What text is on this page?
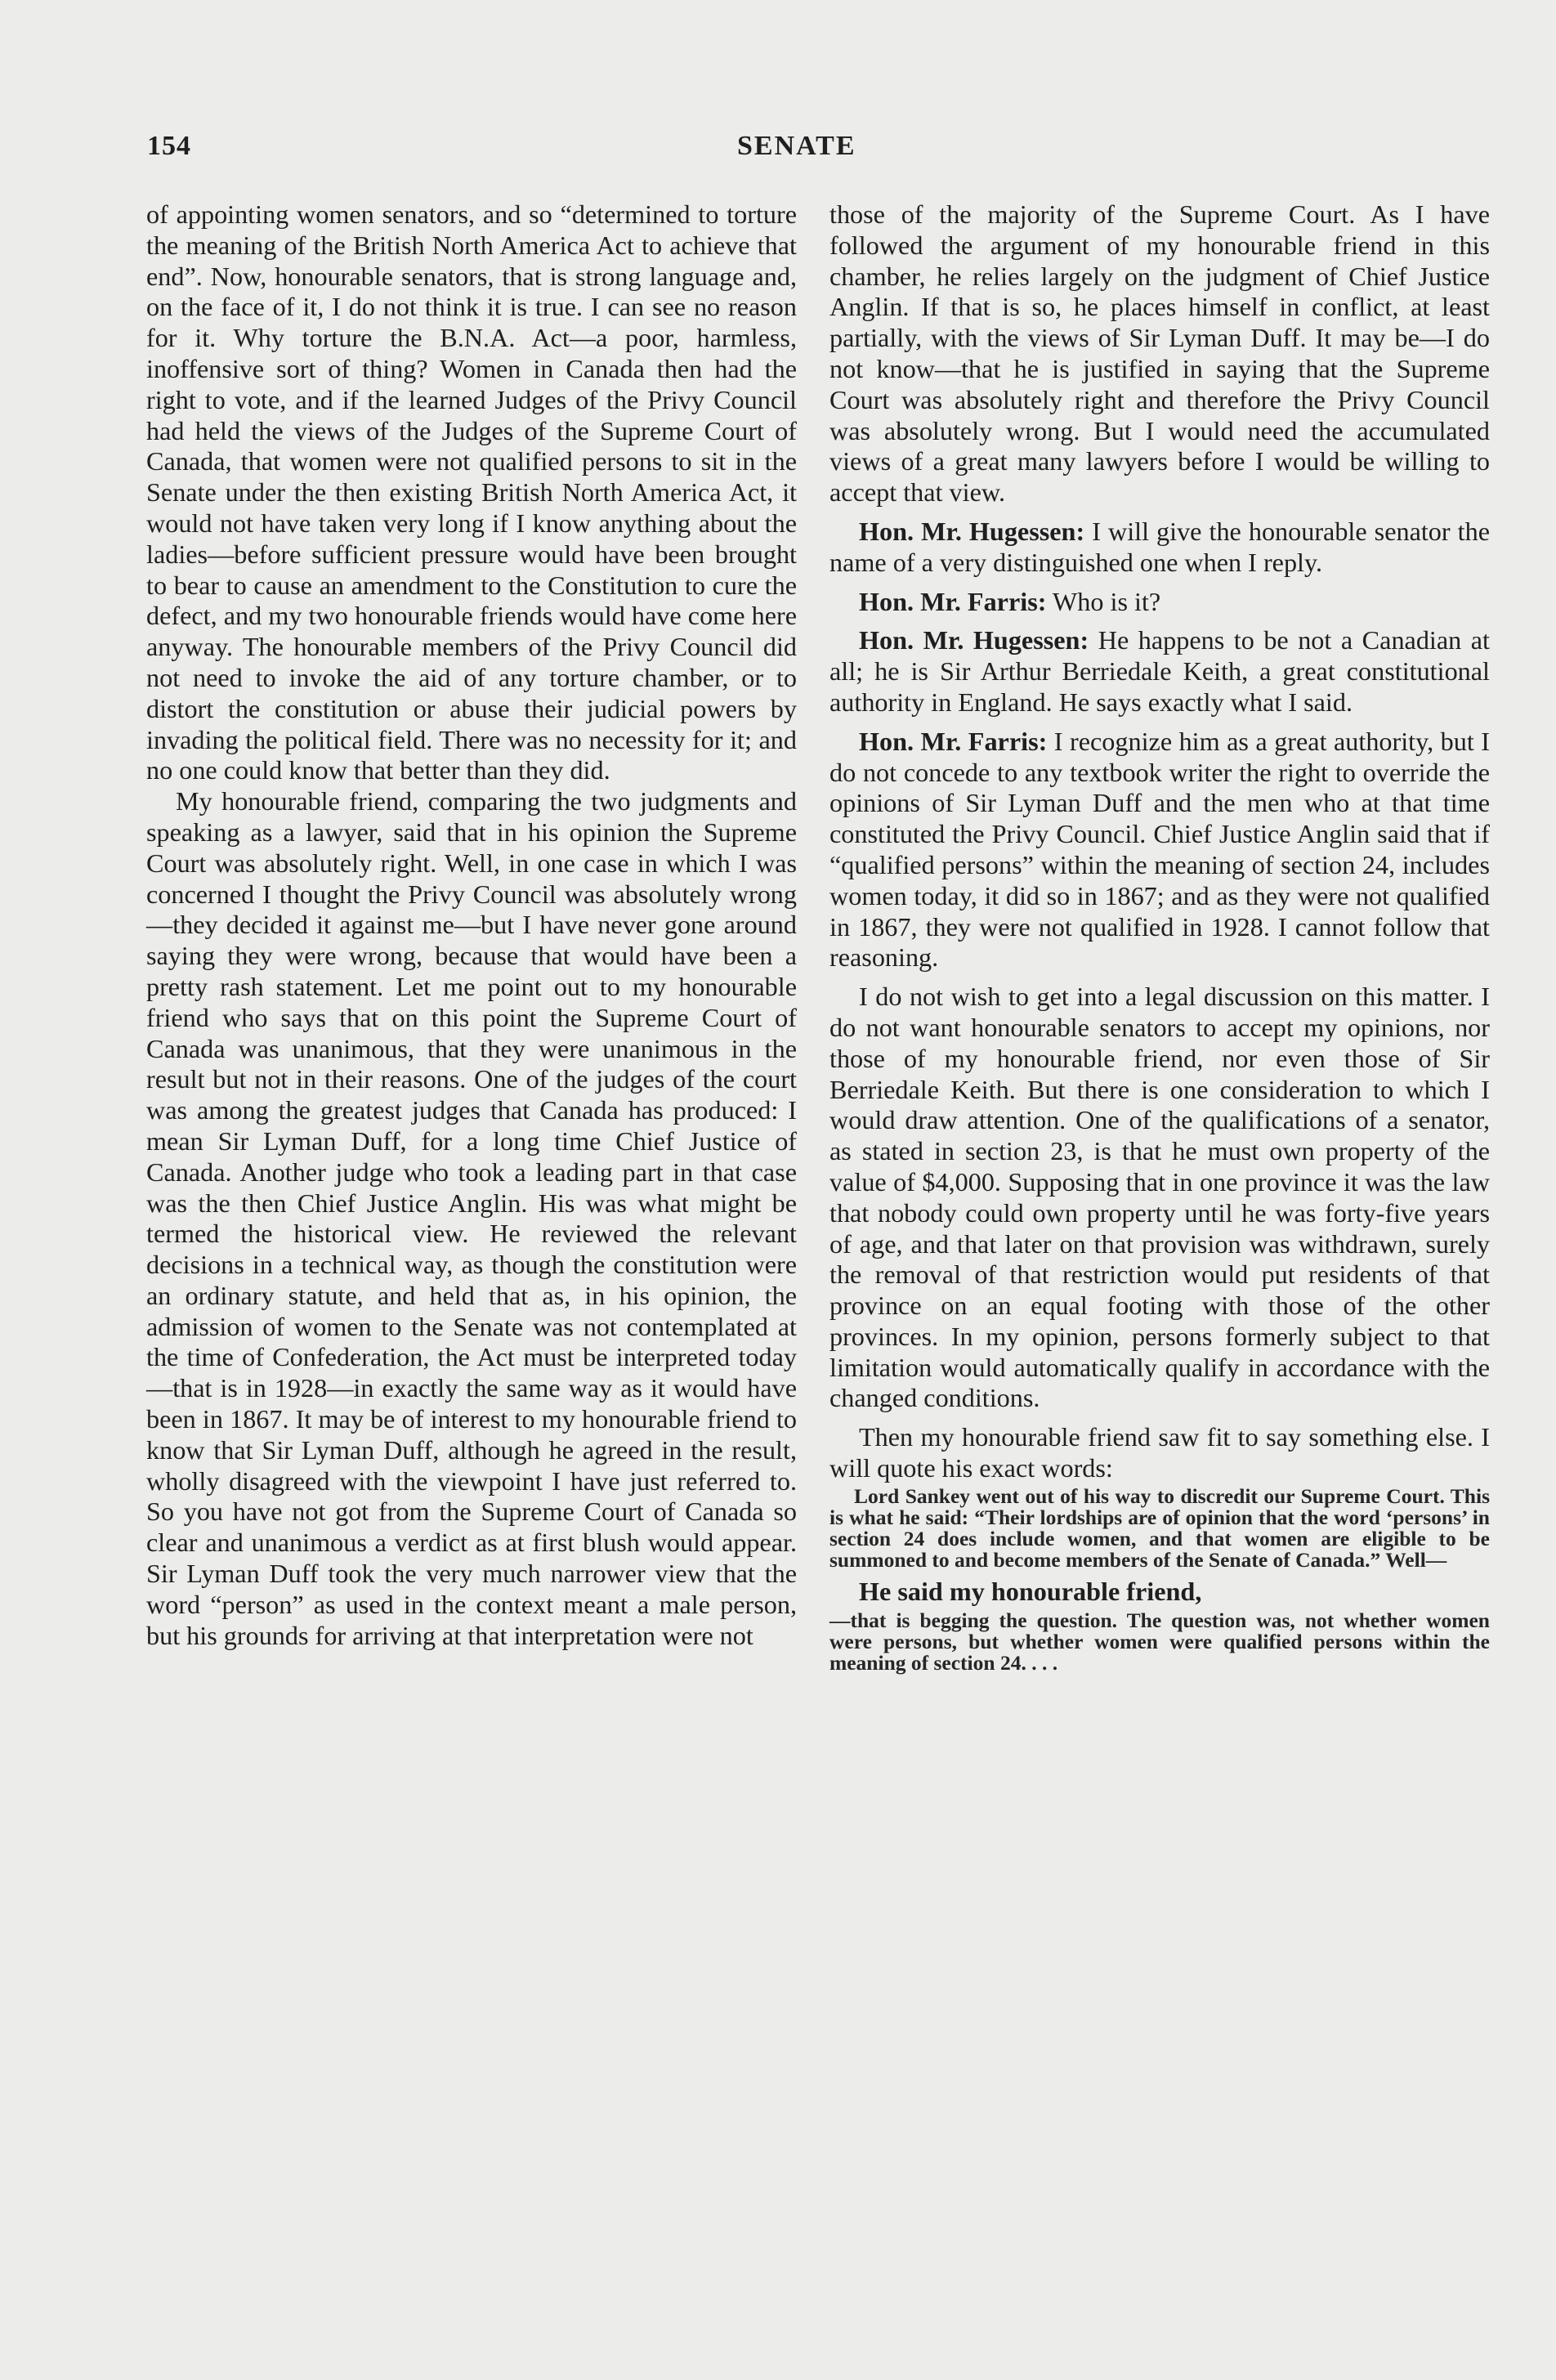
154	SENATE

of appointing women senators, and so “determined to torture the meaning of the British North America Act to achieve that end”. Now, honourable senators, that is strong language and, on the face of it, I do not think it is true. I can see no reason for it. Why torture the B.N.A. Act—a poor, harmless, inoffensive sort of thing? Women in Canada then had the right to vote, and if the learned Judges of the Privy Council had held the views of the Judges of the Supreme Court of Canada, that women were not qualified persons to sit in the Senate under the then existing British North America Act, it would not have taken very long if I know anything about the ladies—before sufficient pressure would have been brought to bear to cause an amendment to the Constitution to cure the defect, and my two honourable friends would have come here anyway. The honourable members of the Privy Council did not need to invoke the aid of any torture chamber, or to distort the constitution or abuse their judicial powers by invading the political field. There was no necessity for it; and no one could know that better than they did.

My honourable friend, comparing the two judgments and speaking as a lawyer, said that in his opinion the Supreme Court was absolutely right. Well, in one case in which I was concerned I thought the Privy Council was absolutely wrong—they decided it against me—but I have never gone around saying they were wrong, because that would have been a pretty rash statement. Let me point out to my honourable friend who says that on this point the Supreme Court of Canada was unanimous, that they were unanimous in the result but not in their reasons. One of the judges of the court was among the greatest judges that Canada has produced: I mean Sir Lyman Duff, for a long time Chief Justice of Canada. Another judge who took a leading part in that case was the then Chief Justice Anglin. His was what might be termed the historical view. He reviewed the relevant decisions in a technical way, as though the constitution were an ordinary statute, and held that as, in his opinion, the admission of women to the Senate was not contemplated at the time of Confederation, the Act must be interpreted today—that is in 1928—in exactly the same way as it would have been in 1867. It may be of interest to my honourable friend to know that Sir Lyman Duff, although he agreed in the result, wholly disagreed with the viewpoint I have just referred to. So you have not got from the Supreme Court of Canada so clear and unanimous a verdict as at first blush would appear. Sir Lyman Duff took the very much narrower view that the word “person” as used in the context meant a male person, but his grounds for arriving at that interpretation were not

those of the majority of the Supreme Court. As I have followed the argument of my honourable friend in this chamber, he relies largely on the judgment of Chief Justice Anglin. If that is so, he places himself in conflict, at least partially, with the views of Sir Lyman Duff. It may be—I do not know—that he is justified in saying that the Supreme Court was absolutely right and therefore the Privy Council was absolutely wrong. But I would need the accumulated views of a great many lawyers before I would be willing to accept that view.

Hon. Mr. Hugessen: I will give the honourable senator the name of a very distinguished one when I reply.

Hon. Mr. Farris: Who is it?

Hon. Mr. Hugessen: He happens to be not a Canadian at all; he is Sir Arthur Berriedale Keith, a great constitutional authority in England. He says exactly what I said.

Hon. Mr. Farris: I recognize him as a great authority, but I do not concede to any textbook writer the right to override the opinions of Sir Lyman Duff and the men who at that time constituted the Privy Council. Chief Justice Anglin said that if “qualified persons” within the meaning of section 24, includes women today, it did so in 1867; and as they were not qualified in 1867, they were not qualified in 1928. I cannot follow that reasoning.

I do not wish to get into a legal discussion on this matter. I do not want honourable senators to accept my opinions, nor those of my honourable friend, nor even those of Sir Berriedale Keith. But there is one consideration to which I would draw attention. One of the qualifications of a senator, as stated in section 23, is that he must own property of the value of $4,000. Supposing that in one province it was the law that nobody could own property until he was forty-five years of age, and that later on that provision was withdrawn, surely the removal of that restriction would put residents of that province on an equal footing with those of the other provinces. In my opinion, persons formerly subject to that limitation would automatically qualify in accordance with the changed conditions.

Then my honourable friend saw fit to say something else. I will quote his exact words:

Lord Sankey went out of his way to discredit our Supreme Court. This is what he said: “Their lordships are of opinion that the word ‘persons’ in section 24 does include women, and that women are eligible to be summoned to and become members of the Senate of Canada.” Well—

He said my honourable friend,

—that is begging the question. The question was, not whether women were persons, but whether women were qualified persons within the meaning of section 24. . . .
